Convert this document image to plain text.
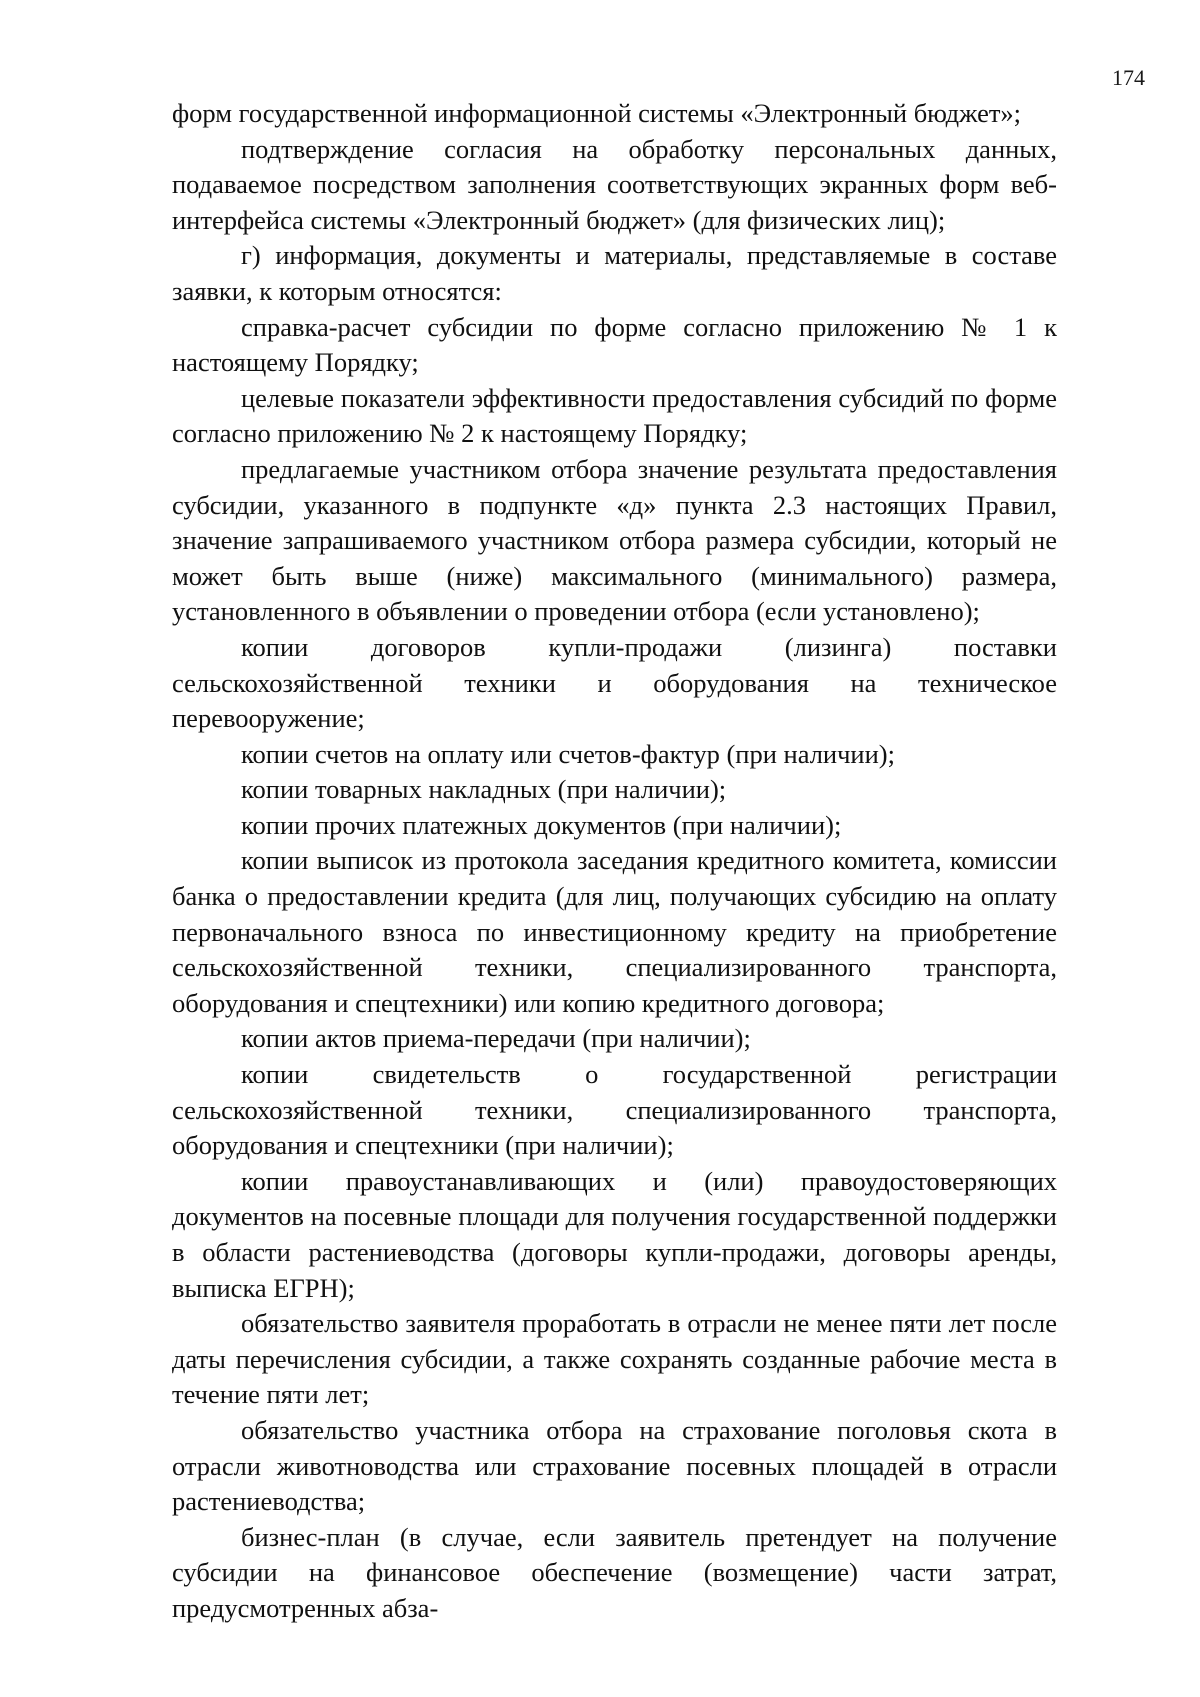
174

форм государственной информационной системы «Электронный бюджет»;

подтверждение согласия на обработку персональных данных, подаваемое посредством заполнения соответствующих экранных форм веб-интерфейса системы «Электронный бюджет» (для физических лиц);

г) информация, документы и материалы, представляемые в составе заявки, к которым относятся:

справка-расчет субсидии по форме согласно приложению № 1 к настоящему Порядку;

целевые показатели эффективности предоставления субсидий по форме согласно приложению № 2 к настоящему Порядку;

предлагаемые участником отбора значение результата предоставления субсидии, указанного в подпункте «д» пункта 2.3 настоящих Правил, значение запрашиваемого участником отбора размера субсидии, который не может быть выше (ниже) максимального (минимального) размера, установленного в объявлении о проведении отбора (если установлено);

копии договоров купли-продажи (лизинга) поставки сельскохозяйственной техники и оборудования на техническое перевооружение;

копии счетов на оплату или счетов-фактур (при наличии);

копии товарных накладных (при наличии);

копии прочих платежных документов (при наличии);

копии выписок из протокола заседания кредитного комитета, комиссии банка о предоставлении кредита (для лиц, получающих субсидию на оплату первоначального взноса по инвестиционному кредиту на приобретение сельскохозяйственной техники, специализированного транспорта, оборудования и спецтехники) или копию кредитного договора;

копии актов приема-передачи (при наличии);

копии свидетельств о государственной регистрации сельскохозяйственной техники, специализированного транспорта, оборудования и спецтехники (при наличии);

копии правоустанавливающих и (или) правоудостоверяющих документов на посевные площади для получения государственной поддержки в области растениеводства (договоры купли-продажи, договоры аренды, выписка ЕГРН);

обязательство заявителя проработать в отрасли не менее пяти лет после даты перечисления субсидии, а также сохранять созданные рабочие места в течение пяти лет;

обязательство участника отбора на страхование поголовья скота в отрасли животноводства или страхование посевных площадей в отрасли растениеводства;

бизнес-план (в случае, если заявитель претендует на получение субсидии на финансовое обеспечение (возмещение) части затрат, предусмотренных абза-
